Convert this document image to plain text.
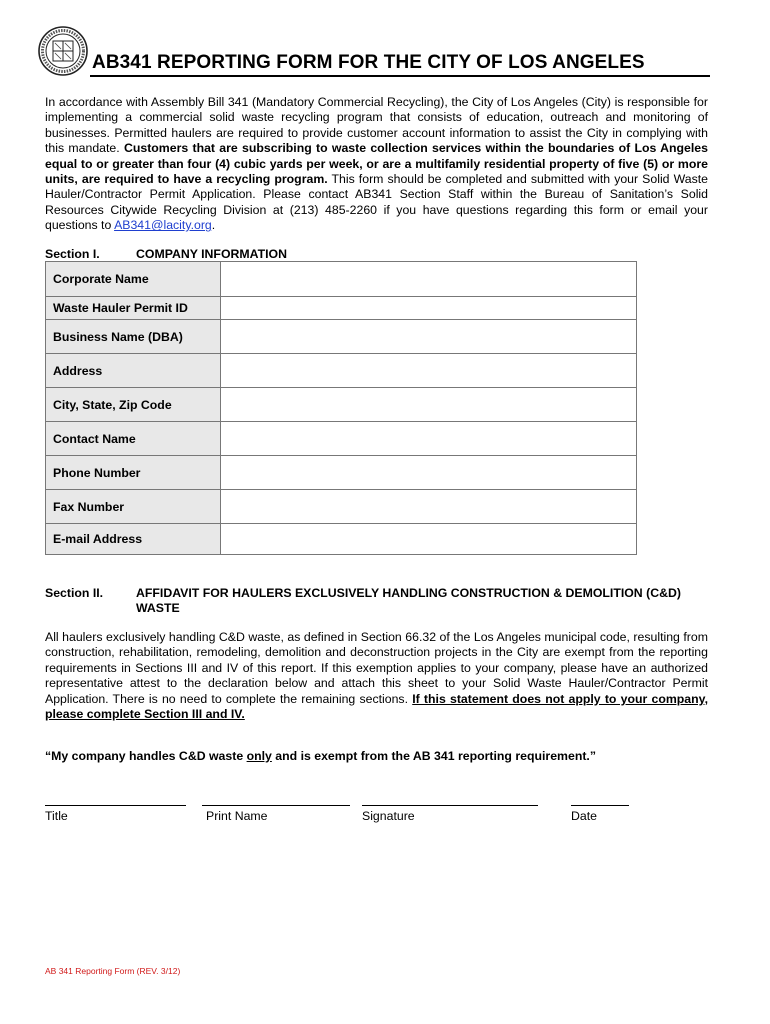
AB341 REPORTING FORM FOR THE CITY OF LOS ANGELES
In accordance with Assembly Bill 341 (Mandatory Commercial Recycling), the City of Los Angeles (City) is responsible for implementing a commercial solid waste recycling program that consists of education, outreach and monitoring of businesses. Permitted haulers are required to provide customer account information to assist the City in complying with this mandate. Customers that are subscribing to waste collection services within the boundaries of Los Angeles equal to or greater than four (4) cubic yards per week, or are a multifamily residential property of five (5) or more units, are required to have a recycling program. This form should be completed and submitted with your Solid Waste Hauler/Contractor Permit Application. Please contact AB341 Section Staff within the Bureau of Sanitation’s Solid Resources Citywide Recycling Division at (213) 485-2260 if you have questions regarding this form or email your questions to AB341@lacity.org.
Section I.	COMPANY INFORMATION
Corporate Name	
Waste Hauler Permit ID	
Business Name (DBA)	
Address	
City, State, Zip Code	
Contact Name	
Phone Number	
Fax Number	
E-mail Address	
Section II.	AFFIDAVIT FOR HAULERS EXCLUSIVELY HANDLING CONSTRUCTION & DEMOLITION (C&D) WASTE
All haulers exclusively handling C&D waste, as defined in Section 66.32 of the Los Angeles municipal code, resulting from construction, rehabilitation, remodeling, demolition and deconstruction projects in the City are exempt from the reporting requirements in Sections III and IV of this report. If this exemption applies to your company, please have an authorized representative attest to the declaration below and attach this sheet to your Solid Waste Hauler/Contractor Permit Application. There is no need to complete the remaining sections. If this statement does not apply to your company, please complete Section III and IV.
“My company handles C&D waste only and is exempt from the AB 341 reporting requirement.”
Title	Print Name	Signature	Date
AB 341 Reporting Form (REV. 3/12)
